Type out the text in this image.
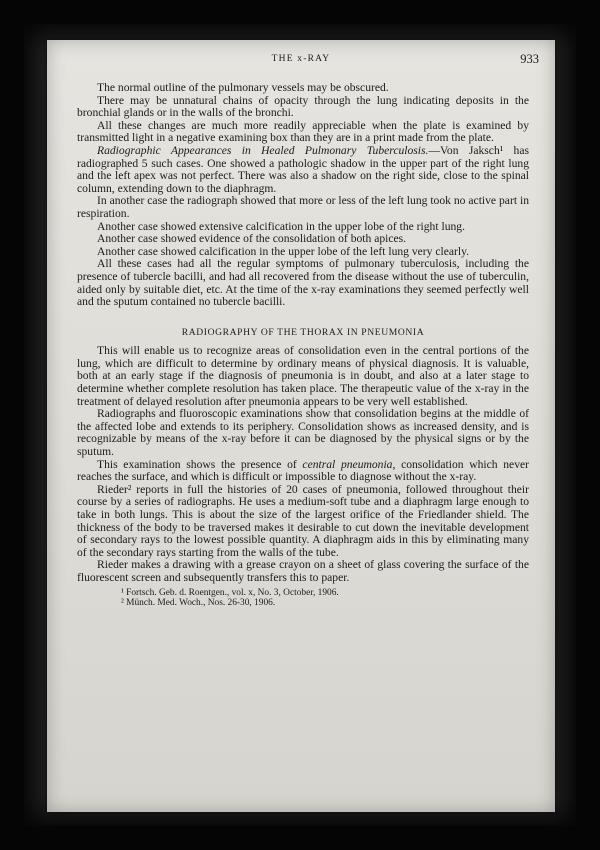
THE x-RAY	933

The normal outline of the pulmonary vessels may be obscured.

There may be unnatural chains of opacity through the lung indicating deposits in the bronchial glands or in the walls of the bronchi.

All these changes are much more readily appreciable when the plate is examined by transmitted light in a negative examining box than they are in a print made from the plate.

Radiographic Appearances in Healed Pulmonary Tuberculosis.—Von Jaksch¹ has radiographed 5 such cases. One showed a pathologic shadow in the upper part of the right lung and the left apex was not perfect. There was also a shadow on the right side, close to the spinal column, extending down to the diaphragm.

In another case the radiograph showed that more or less of the left lung took no active part in respiration.

Another case showed extensive calcification in the upper lobe of the right lung.

Another case showed evidence of the consolidation of both apices.

Another case showed calcification in the upper lobe of the left lung very clearly.

All these cases had all the regular symptoms of pulmonary tuberculosis, including the presence of tubercle bacilli, and had all recovered from the disease without the use of tuberculin, aided only by suitable diet, etc. At the time of the x-ray examinations they seemed perfectly well and the sputum contained no tubercle bacilli.

RADIOGRAPHY OF THE THORAX IN PNEUMONIA

This will enable us to recognize areas of consolidation even in the central portions of the lung, which are difficult to determine by ordinary means of physical diagnosis. It is valuable, both at an early stage if the diagnosis of pneumonia is in doubt, and also at a later stage to determine whether complete resolution has taken place. The therapeutic value of the x-ray in the treatment of delayed resolution after pneumonia appears to be very well established.

Radiographs and fluoroscopic examinations show that consolidation begins at the middle of the affected lobe and extends to its periphery. Consolidation shows as increased density, and is recognizable by means of the x-ray before it can be diagnosed by the physical signs or by the sputum.

This examination shows the presence of central pneumonia, consolidation which never reaches the surface, and which is difficult or impossible to diagnose without the x-ray.

Rieder² reports in full the histories of 20 cases of pneumonia, followed throughout their course by a series of radiographs. He uses a medium-soft tube and a diaphragm large enough to take in both lungs. This is about the size of the largest orifice of the Friedlander shield. The thickness of the body to be traversed makes it desirable to cut down the inevitable development of secondary rays to the lowest possible quantity. A diaphragm aids in this by eliminating many of the secondary rays starting from the walls of the tube.

Rieder makes a drawing with a grease crayon on a sheet of glass covering the surface of the fluorescent screen and subsequently transfers this to paper.

¹ Fortsch. Geb. d. Roentgen., vol. x, No. 3, October, 1906.
² Münch. Med. Woch., Nos. 26-30, 1906.
